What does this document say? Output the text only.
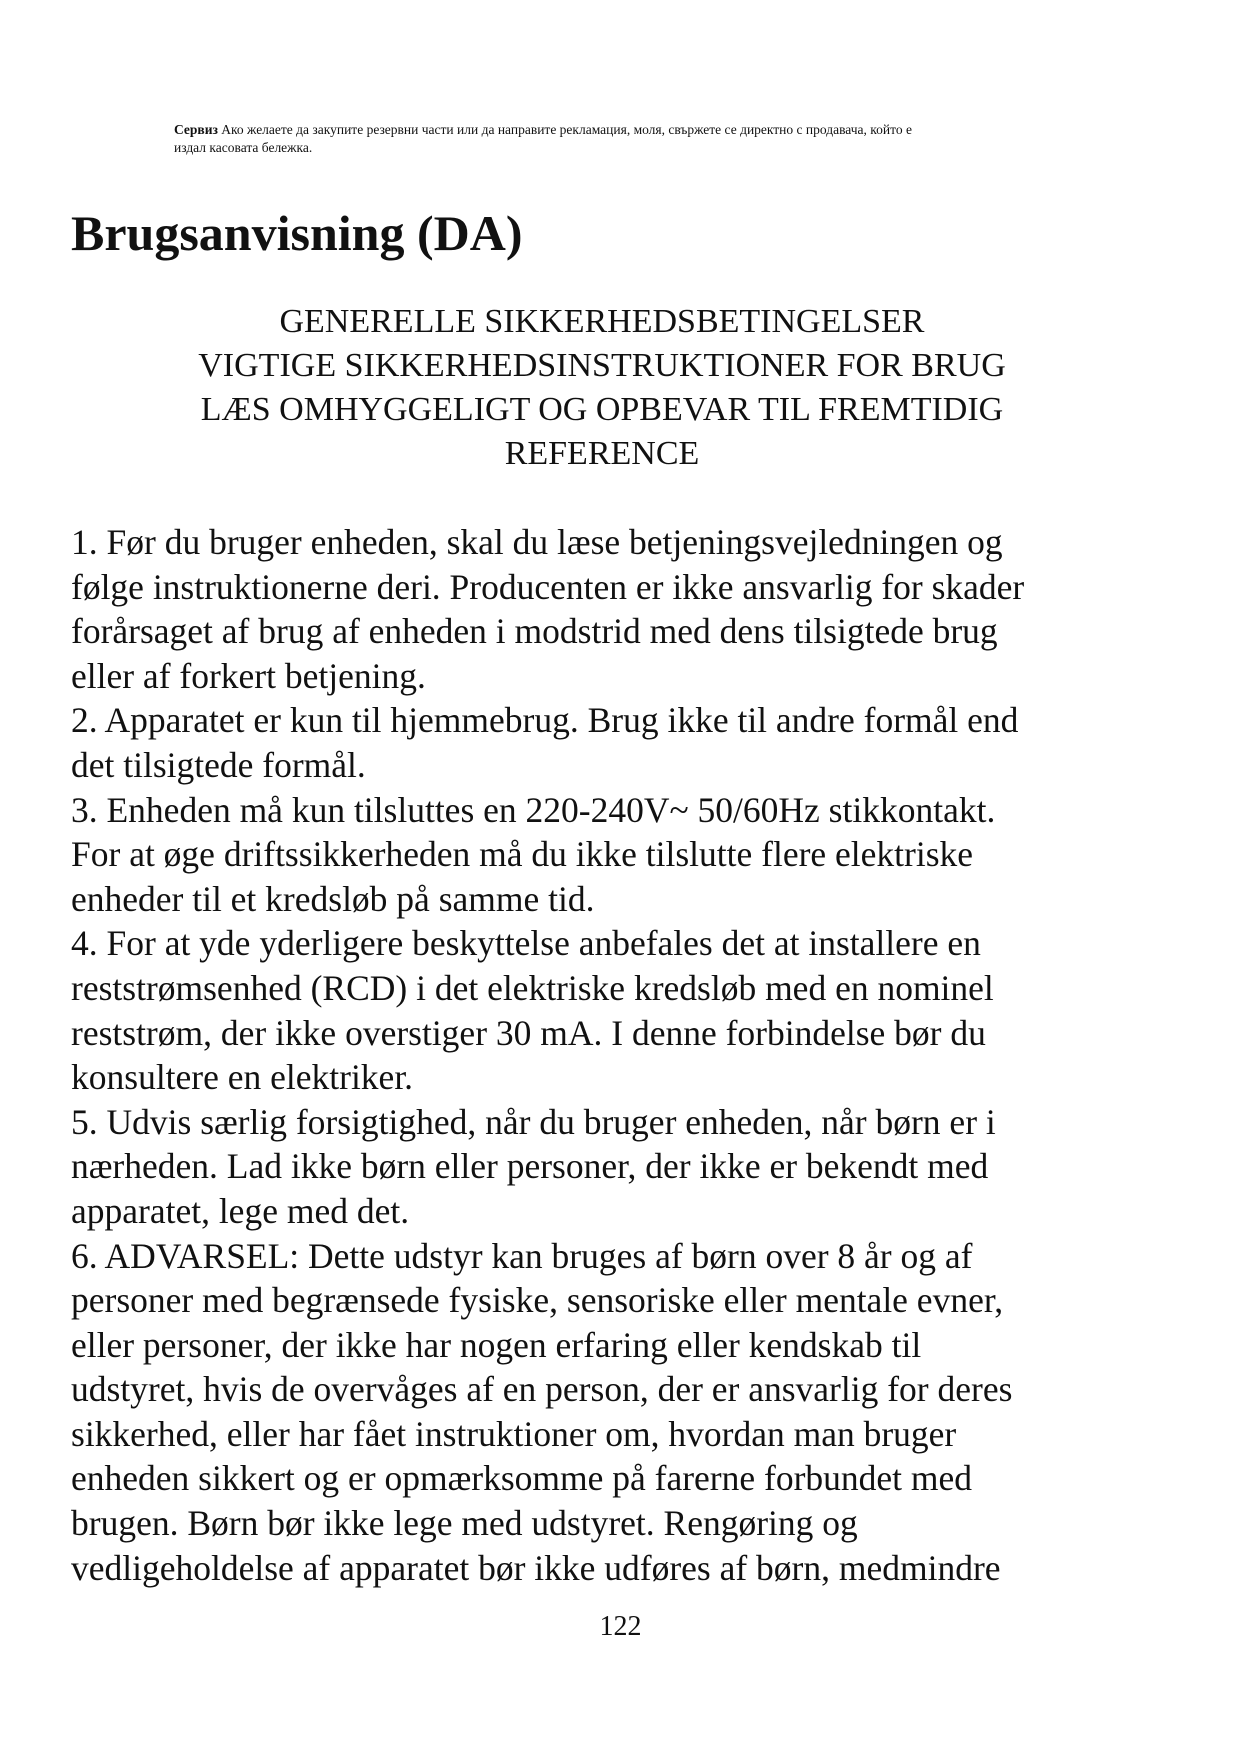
Сервиз Ако желаете да закупите резервни части или да направите рекламация, моля, свържете се директно с продавача, който е
издал касовата бележка.
Brugsanvisning (DA)
GENERELLE SIKKERHEDSBETINGELSER
VIGTIGE SIKKERHEDSINSTRUKTIONER FOR BRUG
LÆS OMHYGGELIGT OG OPBEVAR TIL FREMTIDIG
REFERENCE
1. Før du bruger enheden, skal du læse betjeningsvejledningen og
følge instruktionerne deri. Producenten er ikke ansvarlig for skader
forårsaget af brug af enheden i modstrid med dens tilsigtede brug
eller af forkert betjening.
2. Apparatet er kun til hjemmebrug. Brug ikke til andre formål end
det tilsigtede formål.
3. Enheden må kun tilsluttes en 220-240V~ 50/60Hz stikkontakt.
For at øge driftssikkerheden må du ikke tilslutte flere elektriske
enheder til et kredsløb på samme tid.
4. For at yde yderligere beskyttelse anbefales det at installere en
reststrømsenhed (RCD) i det elektriske kredsløb med en nominel
reststrøm, der ikke overstiger 30 mA. I denne forbindelse bør du
konsultere en elektriker.
5. Udvis særlig forsigtighed, når du bruger enheden, når børn er i
nærheden. Lad ikke børn eller personer, der ikke er bekendt med
apparatet, lege med det.
6. ADVARSEL: Dette udstyr kan bruges af børn over 8 år og af
personer med begrænsede fysiske, sensoriske eller mentale evner,
eller personer, der ikke har nogen erfaring eller kendskab til
udstyret, hvis de overvåges af en person, der er ansvarlig for deres
sikkerhed, eller har fået instruktioner om, hvordan man bruger
enheden sikkert og er opmærksomme på farerne forbundet med
brugen. Børn bør ikke lege med udstyret. Rengøring og
vedligeholdelse af apparatet bør ikke udføres af børn, medmindre
122
